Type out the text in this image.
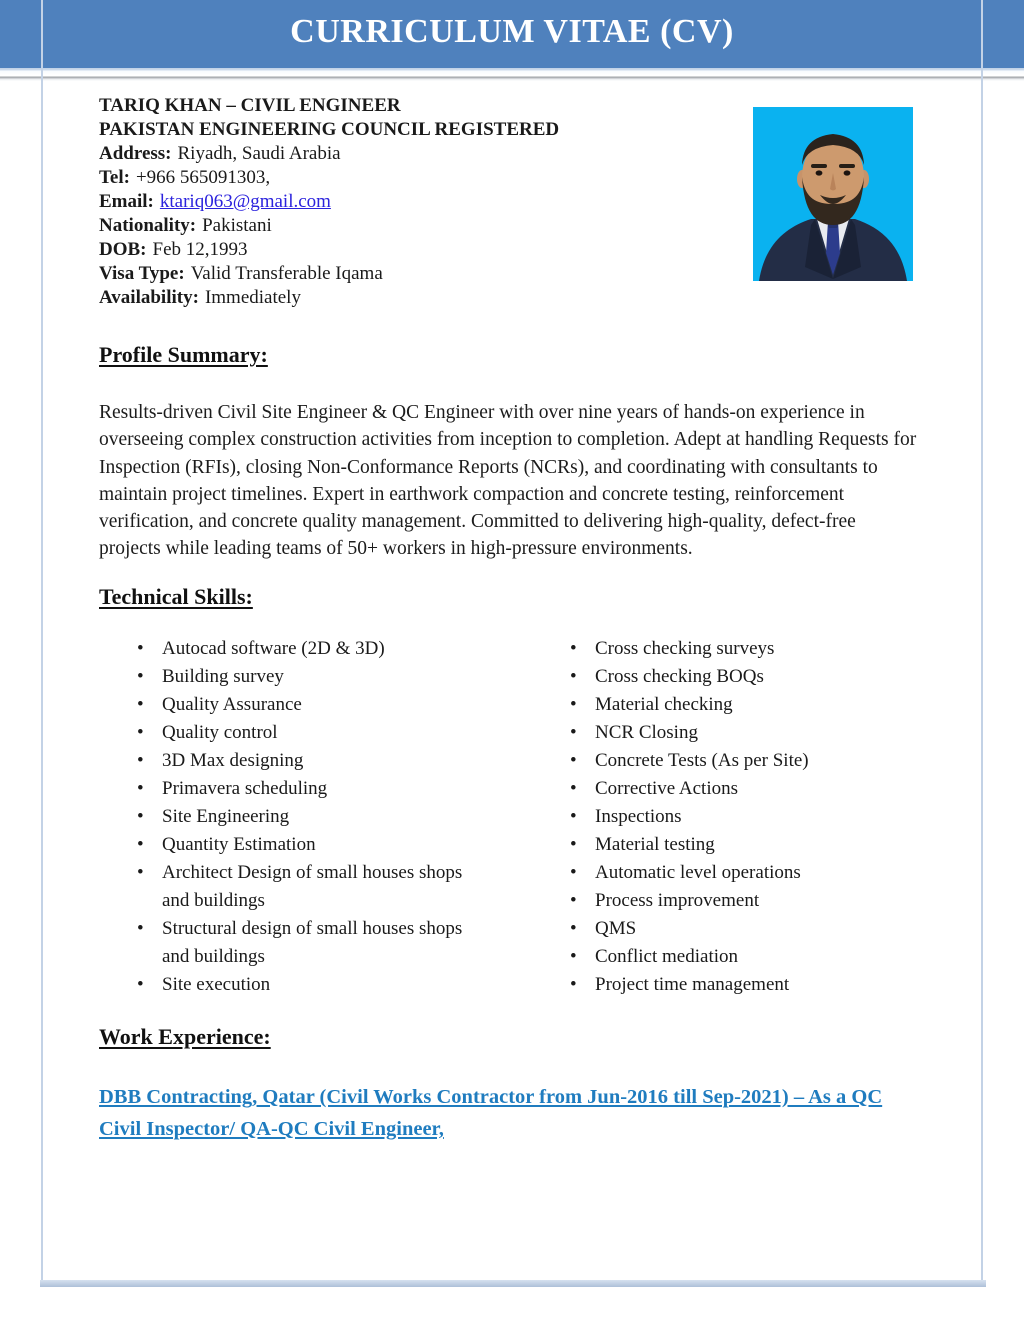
CURRICULUM VITAE (CV)
TARIQ KHAN – CIVIL ENGINEER
PAKISTAN ENGINEERING COUNCIL REGISTERED
Address: Riyadh, Saudi Arabia
Tel: +966 565091303,
Email: ktariq063@gmail.com
Nationality: Pakistani
DOB: Feb 12,1993
Visa Type: Valid Transferable Iqama
Availability: Immediately
Profile Summary:

Results-driven Civil Site Engineer & QC Engineer with over nine years of hands-on experience in overseeing complex construction activities from inception to completion. Adept at handling Requests for Inspection (RFIs), closing Non-Conformance Reports (NCRs), and coordinating with consultants to maintain project timelines. Expert in earthwork compaction and concrete testing, reinforcement verification, and concrete quality management. Committed to delivering high-quality, defect-free projects while leading teams of 50+ workers in high-pressure environments.

Technical Skills:
• Autocad software (2D & 3D)
• Building survey
• Quality Assurance
• Quality control
• 3D Max designing
• Primavera scheduling
• Site Engineering
• Quantity Estimation
• Architect Design of small houses shops and buildings
• Structural design of small houses shops and buildings
• Site execution
• Cross checking surveys
• Cross checking BOQs
• Material checking
• NCR Closing
• Concrete Tests (As per Site)
• Corrective Actions
• Inspections
• Material testing
• Automatic level operations
• Process improvement
• QMS
• Conflict mediation
• Project time management
Work Experience:
DBB Contracting, Qatar (Civil Works Contractor from Jun-2016 till Sep-2021) – As a QC Civil Inspector/ QA-QC Civil Engineer,
